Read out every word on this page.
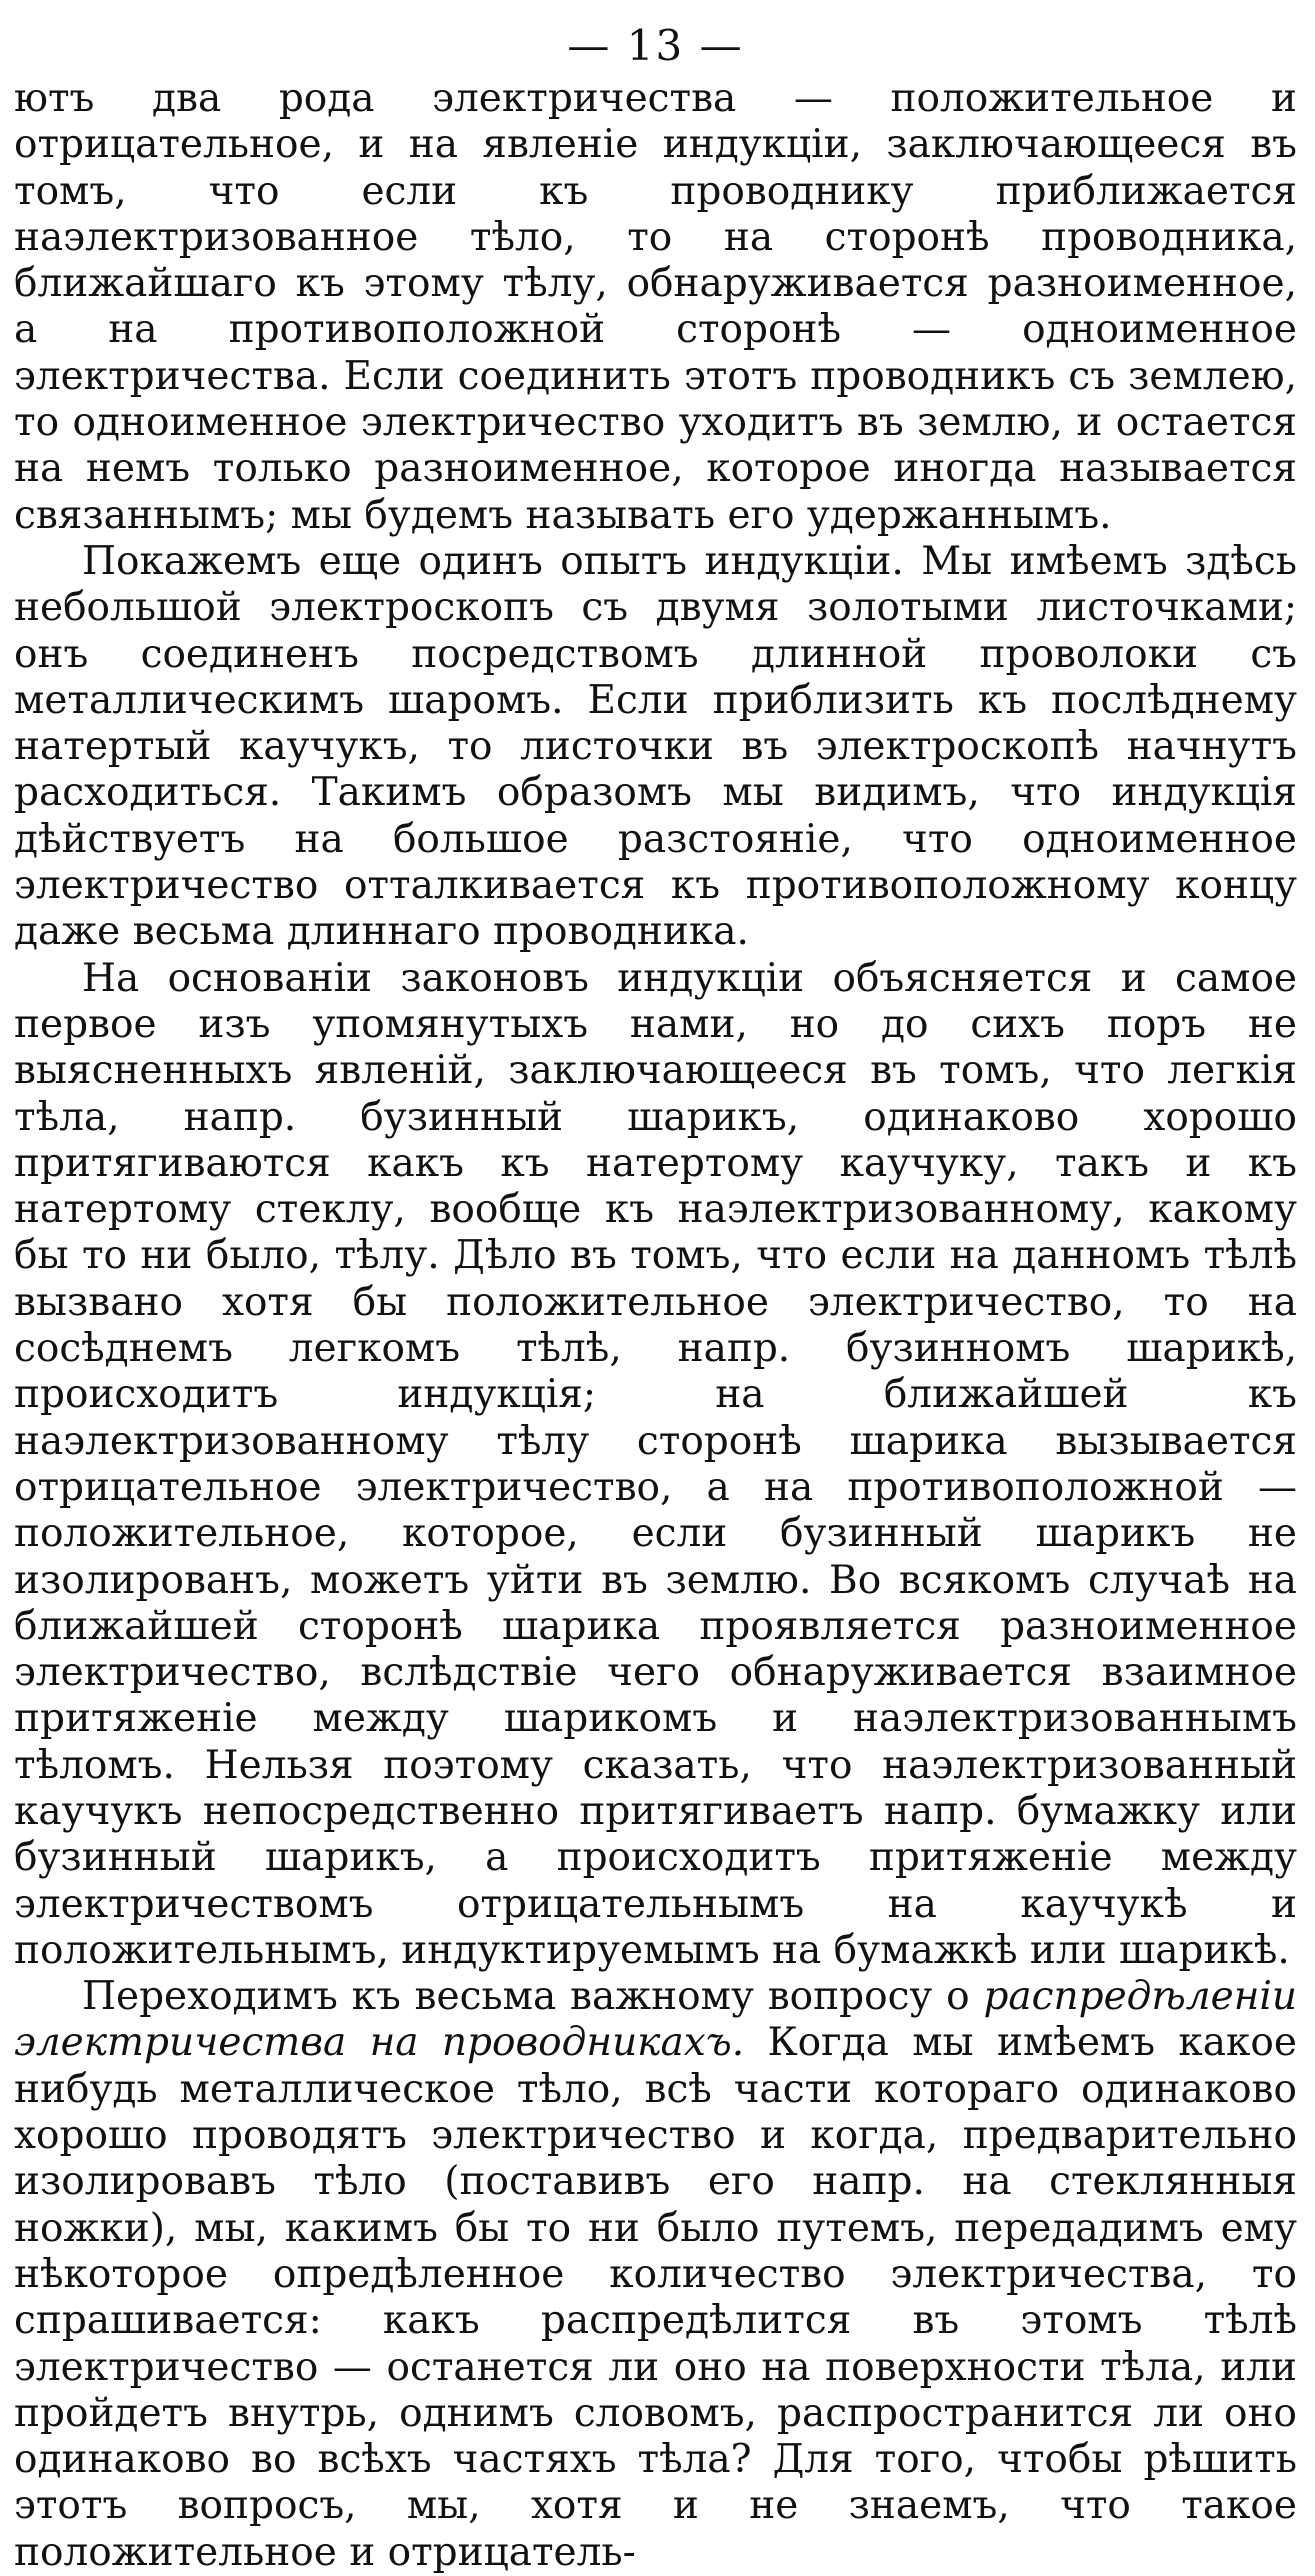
— 13 —

ютъ два рода электричества — положительное и отрицательное, и на явленіе индукціи, заключающееся въ томъ, что если къ проводнику приближается наэлектризованное тѣло, то на сторонѣ проводника, ближайшаго къ этому тѣлу, обнаруживается разноименное, а на противоположной сторонѣ — одноименное электричества. Если соединить этотъ проводникъ съ землею, то одноименное электричество уходитъ въ землю, и остается на немъ только разноименное, которое иногда называется связаннымъ; мы будемъ называть его удержаннымъ.

Покажемъ еще одинъ опытъ индукціи. Мы имѣемъ здѣсь небольшой электроскопъ съ двумя золотыми листочками; онъ соединенъ посредствомъ длинной проволоки съ металлическимъ шаромъ. Если приблизить къ послѣднему натертый каучукъ, то листочки въ электроскопѣ начнутъ расходиться. Такимъ образомъ мы видимъ, что индукція дѣйствуетъ на большое разстояніе, что одноименное электричество отталкивается къ противоположному концу даже весьма длиннаго проводника.

На основаніи законовъ индукціи объясняется и самое первое изъ упомянутыхъ нами, но до сихъ поръ не выясненныхъ явленій, заключающееся въ томъ, что легкія тѣла, напр. бузинный шарикъ, одинаково хорошо притягиваются какъ къ натертому каучуку, такъ и къ натертому стеклу, вообще къ наэлектризованному, какому бы то ни было, тѣлу. Дѣло въ томъ, что если на данномъ тѣлѣ вызвано хотя бы положительное электричество, то на сосѣднемъ легкомъ тѣлѣ, напр. бузинномъ шарикѣ, происходитъ индукція; на ближайшей къ наэлектризованному тѣлу сторонѣ шарика вызывается отрицательное электричество, а на противоположной — положительное, которое, если бузинный шарикъ не изолированъ, можетъ уйти въ землю. Во всякомъ случаѣ на ближайшей сторонѣ шарика проявляется разноименное электричество, вслѣдствіе чего обнаруживается взаимное притяженіе между шарикомъ и наэлектризованнымъ тѣломъ. Нельзя поэтому сказать, что наэлектризованный каучукъ непосредственно притягиваетъ напр. бумажку или бузинный шарикъ, а происходитъ притяженіе между электричествомъ отрицательнымъ на каучукѣ и положительнымъ, индуктируемымъ на бумажкѣ или шарикѣ.

Переходимъ къ весьма важному вопросу о распредѣленіи электричества на проводникахъ. Когда мы имѣемъ какое нибудь металлическое тѣло, всѣ части котораго одинаково хорошо проводятъ электричество и когда, предварительно изолировавъ тѣло (поставивъ его напр. на стеклянныя ножки), мы, какимъ бы то ни было путемъ, передадимъ ему нѣкоторое опредѣленное количество электричества, то спрашивается: какъ распредѣлится въ этомъ тѣлѣ электричество — останется ли оно на поверхности тѣла, или пройдетъ внутрь, однимъ словомъ, распространится ли оно одинаково во всѣхъ частяхъ тѣла? Для того, чтобы рѣшить этотъ вопросъ, мы, хотя и не знаемъ, что такое положительное и отрицатель-
